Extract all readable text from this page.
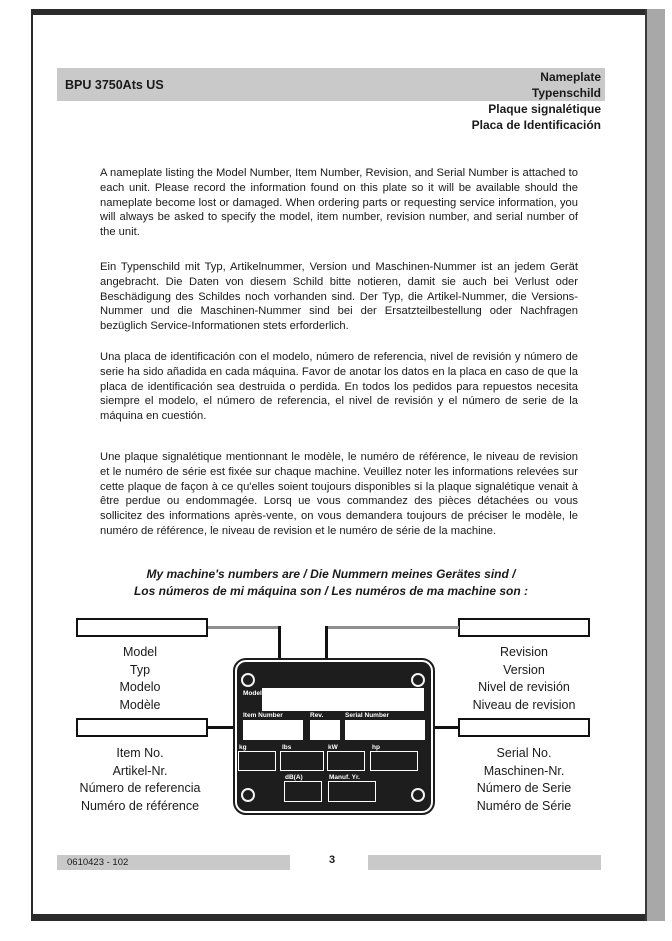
BPU 3750Ats US
Nameplate
Typenschild
Plaque signalétique
Placa de Identificación
A nameplate listing the Model Number, Item Number, Revision, and Serial Number is attached to each unit. Please record the information found on this plate so it will be available should the nameplate become lost or damaged. When ordering parts or requesting service information, you will always be asked to specify the model, item number, revision number, and serial number of the unit.
Ein Typenschild mit Typ, Artikelnummer, Version und Maschinen-Nummer ist an jedem Gerät angebracht. Die Daten von diesem Schild bitte notieren, damit sie auch bei Verlust oder Beschädigung des Schildes noch vorhanden sind. Der Typ, die Artikel-Nummer, die Versions- Nummer und die Maschinen-Nummer sind bei der Ersatzteilbestellung oder Nachfragen bezüglich Service-Informationen stets erforderlich.
Una placa de identificación con el modelo, número de referencia, nivel de revisión y número de serie ha sido añadida en cada máquina. Favor de anotar los datos en la placa en caso de que la placa de identificación sea destruida o perdida. En todos los pedidos para repuestos necesita siempre el modelo, el número de referencia, el nivel de revisión y el número de serie de la máquina en cuestión.
Une plaque signalétique mentionnant le modèle, le numéro de référence, le niveau de revision et le numéro de série est fixée sur chaque machine. Veuillez noter les informations relevées sur cette plaque de façon à ce qu'elles soient toujours disponibles si la plaque signalétique venait à être perdue ou endommagée. Lorsq ue vous commandez des pièces détachées ou vous sollicitez des informations après-vente, on vous demandera toujours de préciser le modèle, le numéro de référence, le niveau de revision et le numéro de série de la machine.
My machine's numbers are / Die Nummern meines Gerätes sind /
Los números de mi máquina son / Les numéros de ma machine son :
Model
Typ
Modelo
Modèle
Revision
Version
Nivel de revisión
Niveau de revision
Item No.
Artikel-Nr.
Número de referencia
Numéro de référence
Serial No.
Maschinen-Nr.
Número de Serie
Numéro de Série
Model
Item Number	Rev.	Serial Number
kg	lbs	kW	hp
dB(A)	Manuf. Yr.
0610423 - 102	3
